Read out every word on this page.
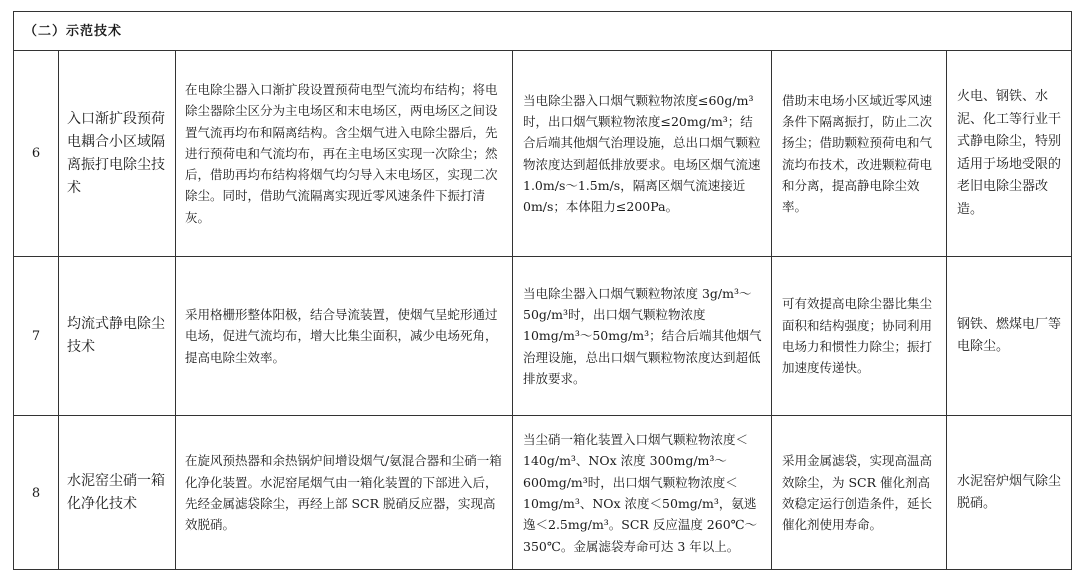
（二）示范技术
6
入口渐扩段预荷电耦合小区域隔离振打电除尘技术
在电除尘器入口渐扩段设置预荷电型气流均布结构；将电除尘器除尘区分为主电场区和末电场区，两电场区之间设置气流再均布和隔离结构。含尘烟气进入电除尘器后，先进行预荷电和气流均布，再在主电场区实现一次除尘；然后，借助再均布结构将烟气均匀导入末电场区，实现二次除尘。同时，借助气流隔离实现近零风速条件下振打清灰。
当电除尘器入口烟气颗粒物浓度≤60g/m³时，出口烟气颗粒物浓度≤20mg/m³；结合后端其他烟气治理设施，总出口烟气颗粒物浓度达到超低排放要求。电场区烟气流速 1.0m/s～1.5m/s，隔离区烟气流速接近 0m/s；本体阻力≤200Pa。
借助末电场小区域近零风速条件下隔离振打，防止二次扬尘；借助颗粒预荷电和气流均布技术，改进颗粒荷电和分离，提高静电除尘效率。
火电、钢铁、水泥、化工等行业干式静电除尘，特别适用于场地受限的老旧电除尘器改造。
7
均流式静电除尘技术
采用格栅形整体阳极，结合导流装置，使烟气呈蛇形通过电场，促进气流均布，增大比集尘面积，减少电场死角，提高电除尘效率。
当电除尘器入口烟气颗粒物浓度 3g/m³～50g/m³时，出口烟气颗粒物浓度 10mg/m³～50mg/m³；结合后端其他烟气治理设施，总出口烟气颗粒物浓度达到超低排放要求。
可有效提高电除尘器比集尘面积和结构强度；协同利用电场力和惯性力除尘；振打加速度传递快。
钢铁、燃煤电厂等电除尘。
8
水泥窑尘硝一箱化净化技术
在旋风预热器和余热锅炉间增设烟气/氨混合器和尘硝一箱化净化装置。水泥窑尾烟气由一箱化装置的下部进入后，先经金属滤袋除尘，再经上部 SCR 脱硝反应器，实现高效脱硝。
当尘硝一箱化装置入口烟气颗粒物浓度＜140g/m³、NOx 浓度 300mg/m³～600mg/m³时，出口烟气颗粒物浓度＜10mg/m³、NOx 浓度＜50mg/m³，氨逃逸＜2.5mg/m³。SCR 反应温度 260℃～350℃。金属滤袋寿命可达 3 年以上。
采用金属滤袋，实现高温高效除尘，为 SCR 催化剂高效稳定运行创造条件，延长催化剂使用寿命。
水泥窑炉烟气除尘脱硝。
